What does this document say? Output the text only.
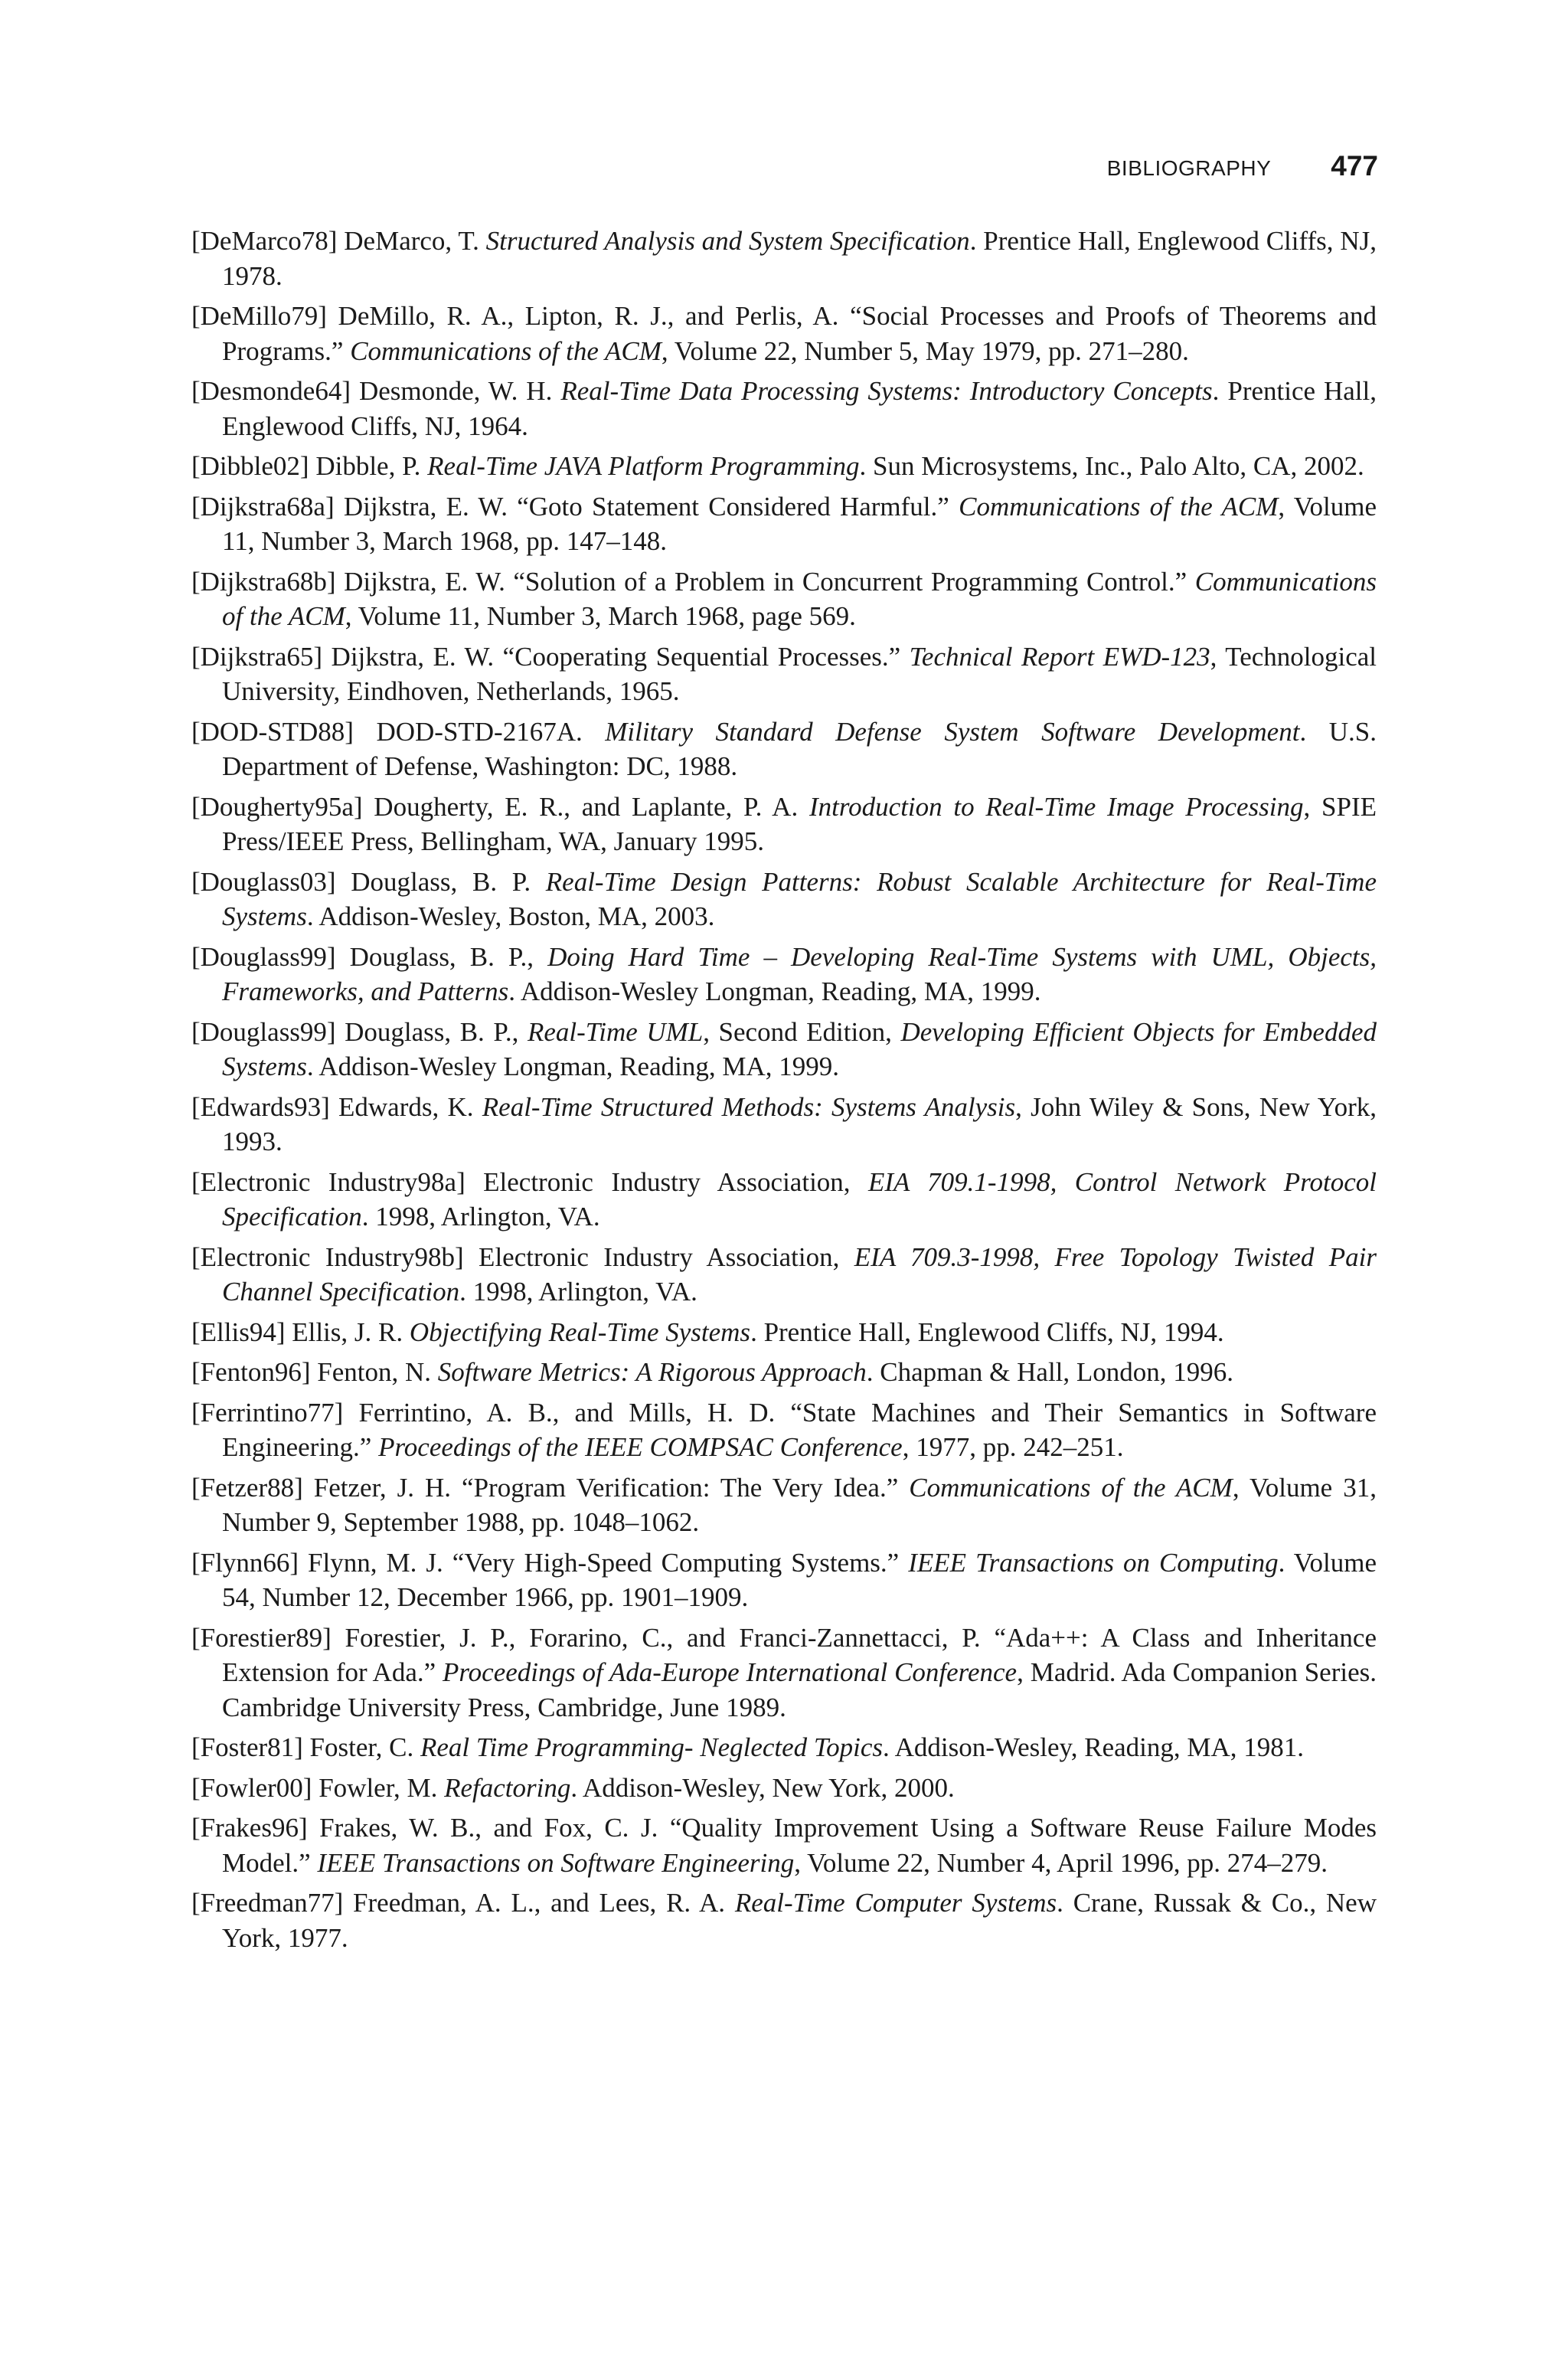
BIBLIOGRAPHY 477
[DeMarco78] DeMarco, T. Structured Analysis and System Specification. Prentice Hall, Englewood Cliffs, NJ, 1978.
[DeMillo79] DeMillo, R. A., Lipton, R. J., and Perlis, A. “Social Processes and Proofs of Theorems and Programs.” Communications of the ACM, Volume 22, Number 5, May 1979, pp. 271–280.
[Desmonde64] Desmonde, W. H. Real-Time Data Processing Systems: Introductory Concepts. Prentice Hall, Englewood Cliffs, NJ, 1964.
[Dibble02] Dibble, P. Real-Time JAVA Platform Programming. Sun Microsystems, Inc., Palo Alto, CA, 2002.
[Dijkstra68a] Dijkstra, E. W. “Goto Statement Considered Harmful.” Communications of the ACM, Volume 11, Number 3, March 1968, pp. 147–148.
[Dijkstra68b] Dijkstra, E. W. “Solution of a Problem in Concurrent Programming Control.” Communications of the ACM, Volume 11, Number 3, March 1968, page 569.
[Dijkstra65] Dijkstra, E. W. “Cooperating Sequential Processes.” Technical Report EWD-123, Technological University, Eindhoven, Netherlands, 1965.
[DOD-STD88] DOD-STD-2167A. Military Standard Defense System Software Development. U.S. Department of Defense, Washington: DC, 1988.
[Dougherty95a] Dougherty, E. R., and Laplante, P. A. Introduction to Real-Time Image Processing, SPIE Press/IEEE Press, Bellingham, WA, January 1995.
[Douglass03] Douglass, B. P. Real-Time Design Patterns: Robust Scalable Architecture for Real-Time Systems. Addison-Wesley, Boston, MA, 2003.
[Douglass99] Douglass, B. P., Doing Hard Time – Developing Real-Time Systems with UML, Objects, Frameworks, and Patterns. Addison-Wesley Longman, Reading, MA, 1999.
[Douglass99] Douglass, B. P., Real-Time UML, Second Edition, Developing Efficient Objects for Embedded Systems. Addison-Wesley Longman, Reading, MA, 1999.
[Edwards93] Edwards, K. Real-Time Structured Methods: Systems Analysis, John Wiley & Sons, New York, 1993.
[Electronic Industry98a] Electronic Industry Association, EIA 709.1-1998, Control Network Protocol Specification. 1998, Arlington, VA.
[Electronic Industry98b] Electronic Industry Association, EIA 709.3-1998, Free Topology Twisted Pair Channel Specification. 1998, Arlington, VA.
[Ellis94] Ellis, J. R. Objectifying Real-Time Systems. Prentice Hall, Englewood Cliffs, NJ, 1994.
[Fenton96] Fenton, N. Software Metrics: A Rigorous Approach. Chapman & Hall, London, 1996.
[Ferrintino77] Ferrintino, A. B., and Mills, H. D. “State Machines and Their Semantics in Software Engineering.” Proceedings of the IEEE COMPSAC Conference, 1977, pp. 242–251.
[Fetzer88] Fetzer, J. H. “Program Verification: The Very Idea.” Communications of the ACM, Volume 31, Number 9, September 1988, pp. 1048–1062.
[Flynn66] Flynn, M. J. “Very High-Speed Computing Systems.” IEEE Transactions on Computing. Volume 54, Number 12, December 1966, pp. 1901–1909.
[Forestier89] Forestier, J. P., Forarino, C., and Franci-Zannettacci, P. “Ada++: A Class and Inheritance Extension for Ada.” Proceedings of Ada-Europe International Conference, Madrid. Ada Companion Series. Cambridge University Press, Cambridge, June 1989.
[Foster81] Foster, C. Real Time Programming- Neglected Topics. Addison-Wesley, Reading, MA, 1981.
[Fowler00] Fowler, M. Refactoring. Addison-Wesley, New York, 2000.
[Frakes96] Frakes, W. B., and Fox, C. J. “Quality Improvement Using a Software Reuse Failure Modes Model.” IEEE Transactions on Software Engineering, Volume 22, Number 4, April 1996, pp. 274–279.
[Freedman77] Freedman, A. L., and Lees, R. A. Real-Time Computer Systems. Crane, Russak & Co., New York, 1977.
